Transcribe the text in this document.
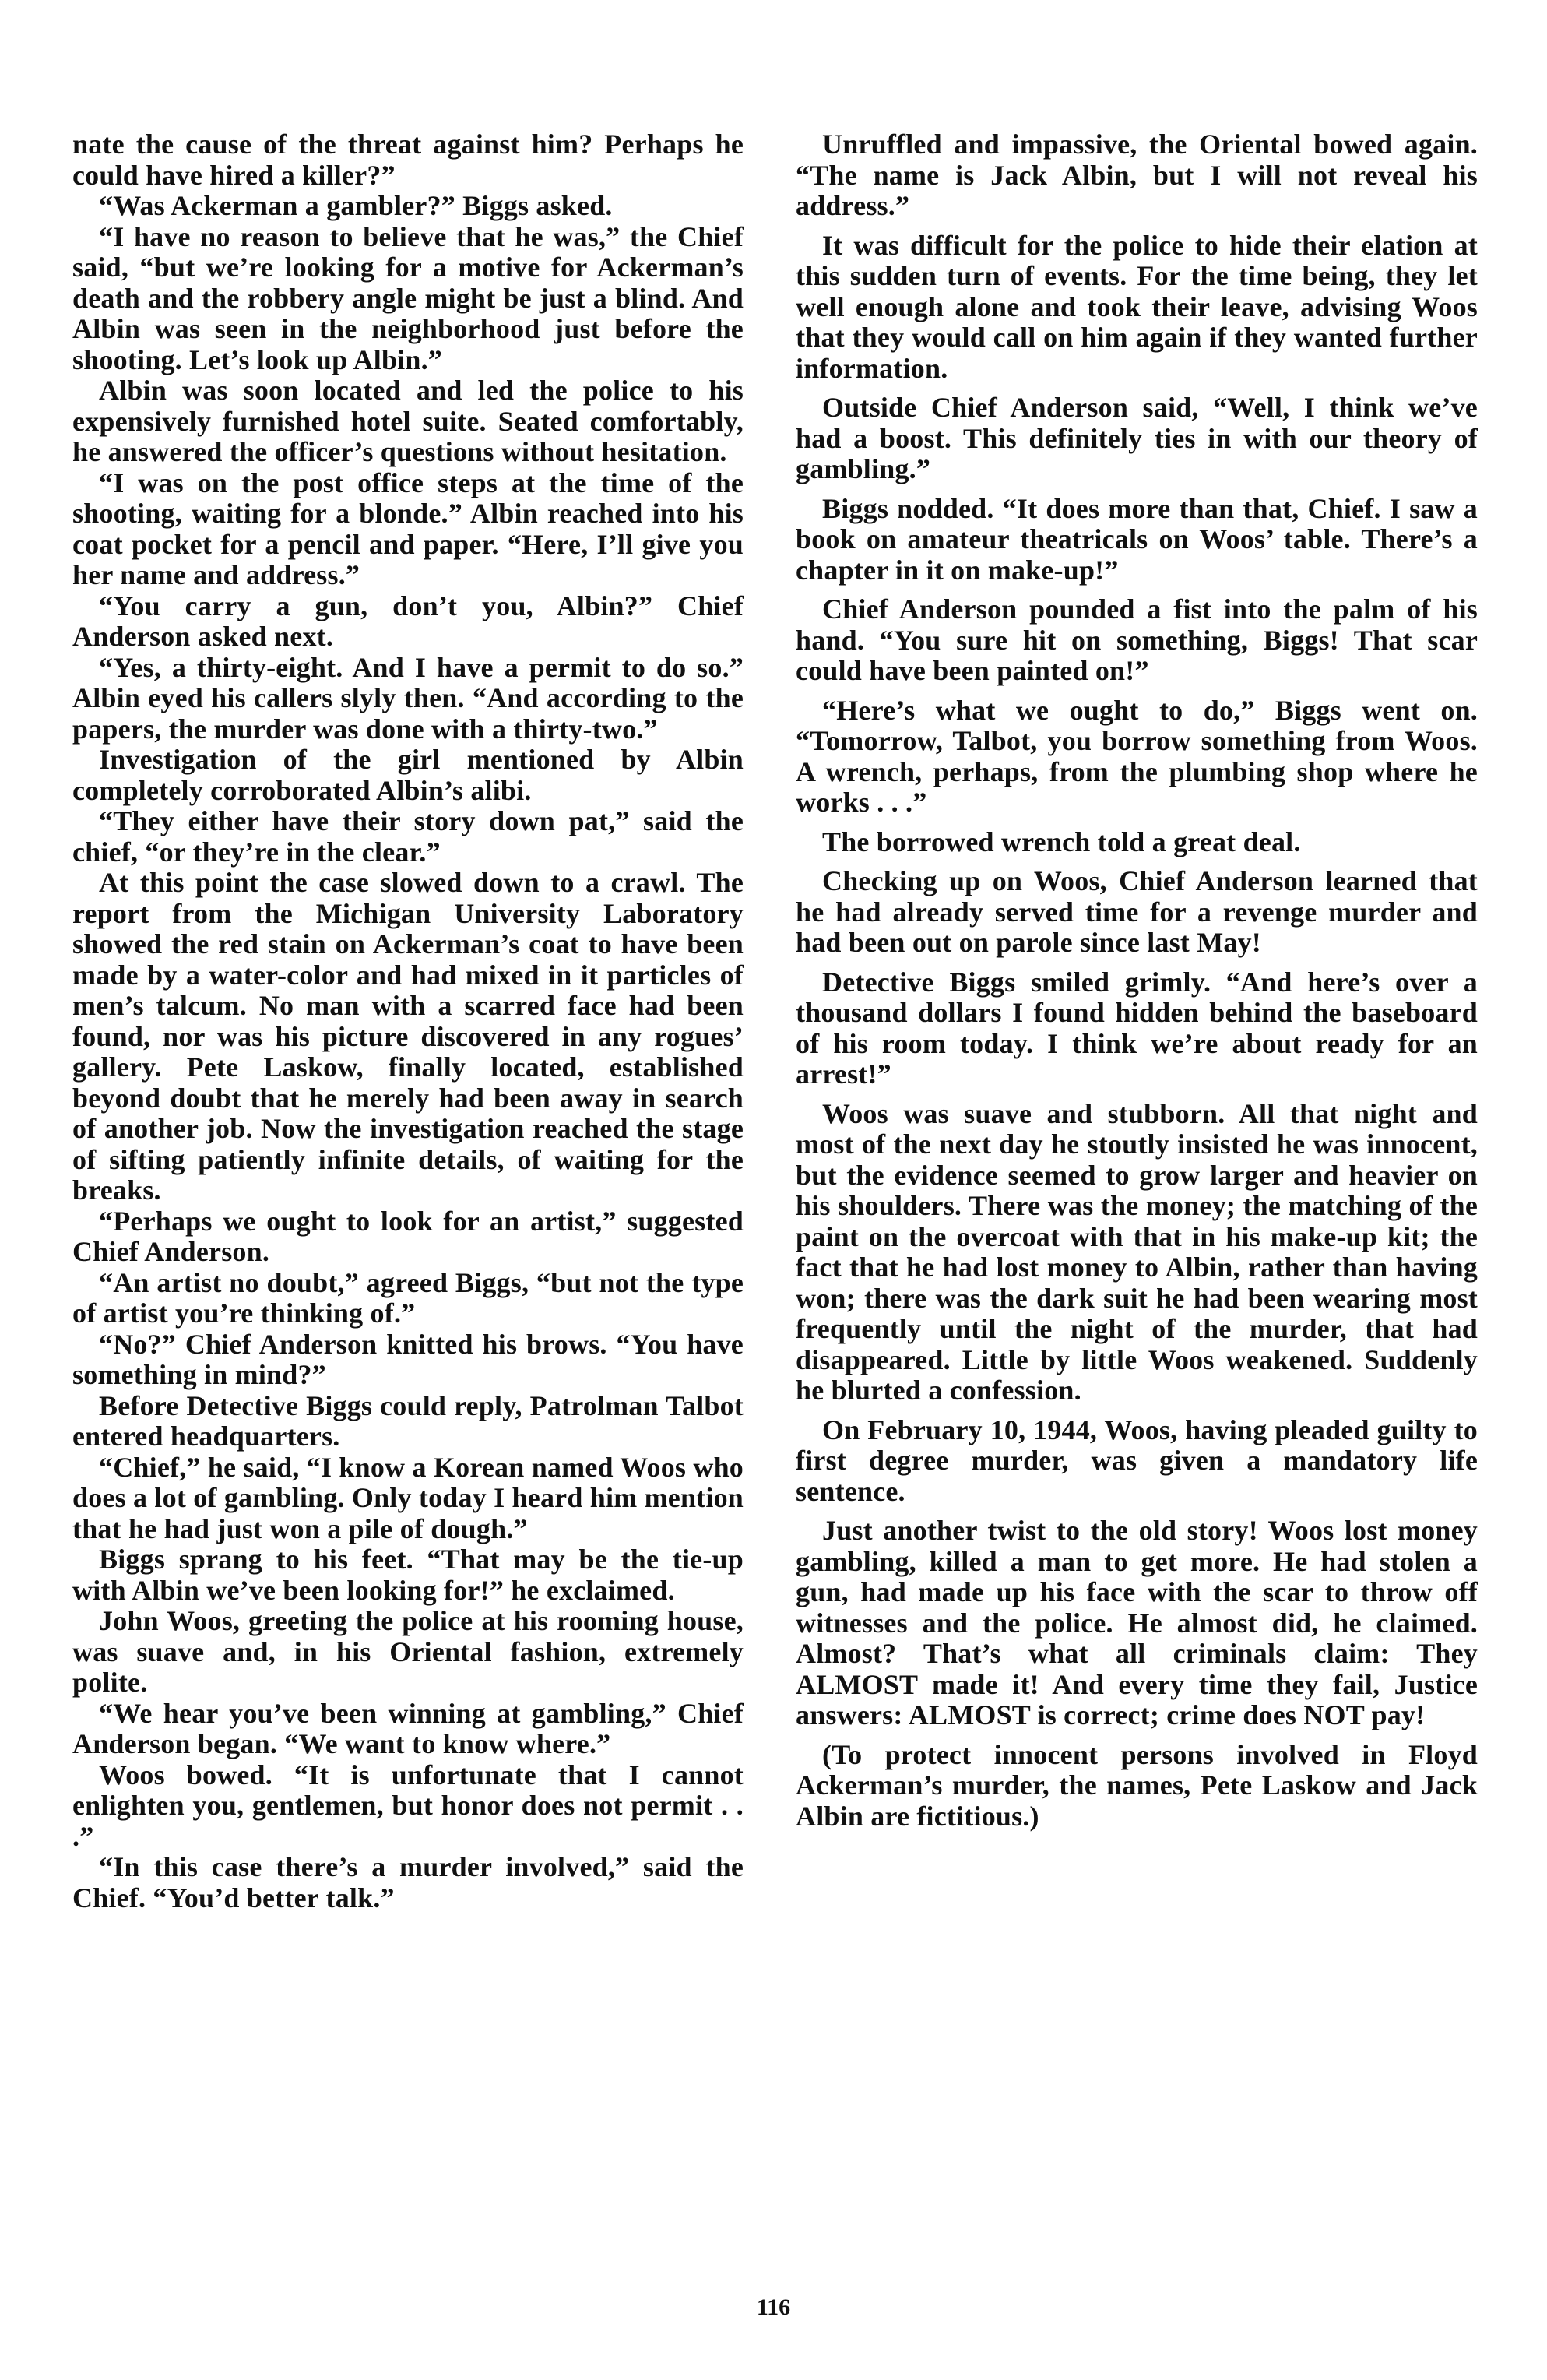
nate the cause of the threat against him? Perhaps he could have hired a killer?”

“Was Ackerman a gambler?” Biggs asked.

“I have no reason to believe that he was,” the Chief said, “but we’re looking for a motive for Ackerman’s death and the robbery angle might be just a blind. And Albin was seen in the neighborhood just before the shooting. Let’s look up Albin.”

Albin was soon located and led the police to his expensively furnished hotel suite. Seated comfortably, he answered the officer’s questions without hesitation.

“I was on the post office steps at the time of the shooting, waiting for a blonde.” Albin reached into his coat pocket for a pencil and paper. “Here, I’ll give you her name and address.”

“You carry a gun, don’t you, Albin?” Chief Anderson asked next.

“Yes, a thirty-eight. And I have a permit to do so.” Albin eyed his callers slyly then. “And according to the papers, the murder was done with a thirty-two.”

Investigation of the girl mentioned by Albin completely corroborated Albin’s alibi.

“They either have their story down pat,” said the chief, “or they’re in the clear.”

At this point the case slowed down to a crawl. The report from the Michigan University Laboratory showed the red stain on Ackerman’s coat to have been made by a water-color and had mixed in it particles of men’s talcum. No man with a scarred face had been found, nor was his picture discovered in any rogues’ gallery. Pete Laskow, finally located, established beyond doubt that he merely had been away in search of another job. Now the investigation reached the stage of sifting patiently infinite details, of waiting for the breaks.

“Perhaps we ought to look for an artist,” suggested Chief Anderson.

“An artist no doubt,” agreed Biggs, “but not the type of artist you’re thinking of.”

“No?” Chief Anderson knitted his brows. “You have something in mind?”

Before Detective Biggs could reply, Patrolman Talbot entered headquarters.

“Chief,” he said, “I know a Korean named Woos who does a lot of gambling. Only today I heard him mention that he had just won a pile of dough.”

Biggs sprang to his feet. “That may be the tie-up with Albin we’ve been looking for!” he exclaimed.

John Woos, greeting the police at his rooming house, was suave and, in his Oriental fashion, extremely polite.

“We hear you’ve been winning at gambling,” Chief Anderson began. “We want to know where.”

Woos bowed. “It is unfortunate that I cannot enlighten you, gentlemen, but honor does not permit . . .”

“In this case there’s a murder involved,” said the Chief. “You’d better talk.”

Unruffled and impassive, the Oriental bowed again. “The name is Jack Albin, but I will not reveal his address.”

It was difficult for the police to hide their elation at this sudden turn of events. For the time being, they let well enough alone and took their leave, advising Woos that they would call on him again if they wanted further information.

Outside Chief Anderson said, “Well, I think we’ve had a boost. This definitely ties in with our theory of gambling.”

Biggs nodded. “It does more than that, Chief. I saw a book on amateur theatricals on Woos’ table. There’s a chapter in it on make-up!”

Chief Anderson pounded a fist into the palm of his hand. “You sure hit on something, Biggs! That scar could have been painted on!”

“Here’s what we ought to do,” Biggs went on. “Tomorrow, Talbot, you borrow something from Woos. A wrench, perhaps, from the plumbing shop where he works . . .”

The borrowed wrench told a great deal.

Checking up on Woos, Chief Anderson learned that he had already served time for a revenge murder and had been out on parole since last May!

Detective Biggs smiled grimly. “And here’s over a thousand dollars I found hidden behind the baseboard of his room today. I think we’re about ready for an arrest!”

Woos was suave and stubborn. All that night and most of the next day he stoutly insisted he was innocent, but the evidence seemed to grow larger and heavier on his shoulders. There was the money; the matching of the paint on the overcoat with that in his make-up kit; the fact that he had lost money to Albin, rather than having won; there was the dark suit he had been wearing most frequently until the night of the murder, that had disappeared. Little by little Woos weakened. Suddenly he blurted a confession.

On February 10, 1944, Woos, having pleaded guilty to first degree murder, was given a mandatory life sentence.

Just another twist to the old story! Woos lost money gambling, killed a man to get more. He had stolen a gun, had made up his face with the scar to throw off witnesses and the police. He almost did, he claimed. Almost? That’s what all criminals claim: They ALMOST made it! And every time they fail, Justice answers: ALMOST is correct; crime does NOT pay!

(To protect innocent persons involved in Floyd Ackerman’s murder, the names, Pete Laskow and Jack Albin are fictitious.)

116
